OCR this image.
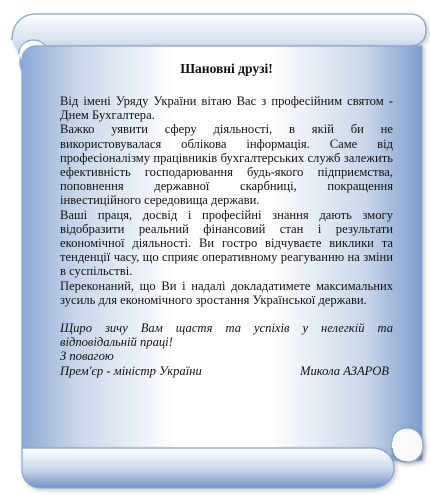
Шановні друзі!

Від імені Уряду України вітаю Вас з професійним святом - Днем Бухгалтера.

Важко уявити сферу діяльності, в якій би не використовувалася облікова інформація. Саме від професіоналізму працівників бухгалтерських служб залежить ефективність господарювання будь-якого підприємства, поповнення державної скарбниці, покращення інвестиційного середовища держави.

Ваші праця, досвід і професійні знання дають змогу відобразити реальний фінансовий стан і результати економічної діяльності. Ви гостро відчуваєте виклики та тенденції часу, що сприяє оперативному реагуванню на зміни в суспільстві.

Переконаний, що Ви і надалі докладатимете максимальних зусиль для економічного зростання Української держави.

Щиро зичу Вам щастя та успіхів у нелегкій та відповідальній праці!

З повагою

Прем'єр - міністр України	Микола АЗАРОВ
